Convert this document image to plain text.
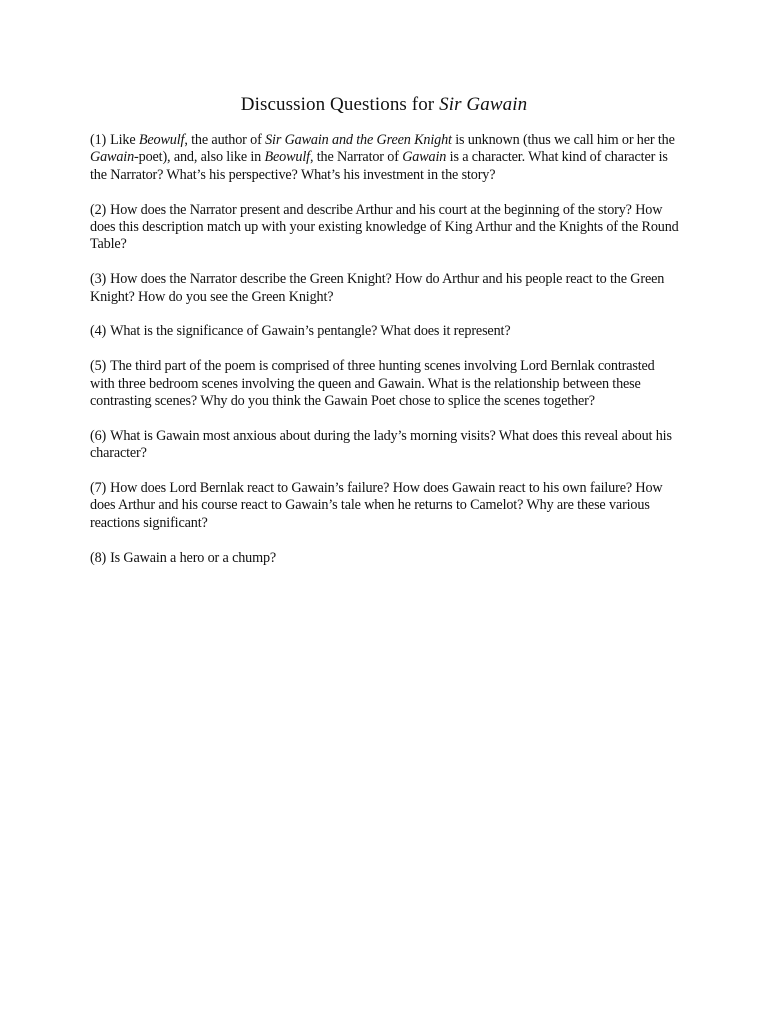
Discussion Questions for Sir Gawain

(1) Like Beowulf, the author of Sir Gawain and the Green Knight is unknown (thus we call him or her the Gawain-poet), and, also like in Beowulf, the Narrator of Gawain is a character. What kind of character is the Narrator? What’s his perspective? What’s his investment in the story?

(2) How does the Narrator present and describe Arthur and his court at the beginning of the story? How does this description match up with your existing knowledge of King Arthur and the Knights of the Round Table?

(3) How does the Narrator describe the Green Knight? How do Arthur and his people react to the Green Knight? How do you see the Green Knight?

(4) What is the significance of Gawain’s pentangle? What does it represent?

(5) The third part of the poem is comprised of three hunting scenes involving Lord Bernlak contrasted with three bedroom scenes involving the queen and Gawain. What is the relationship between these contrasting scenes? Why do you think the Gawain Poet chose to splice the scenes together?

(6) What is Gawain most anxious about during the lady’s morning visits? What does this reveal about his character?

(7) How does Lord Bernlak react to Gawain’s failure? How does Gawain react to his own failure? How does Arthur and his course react to Gawain’s tale when he returns to Camelot? Why are these various reactions significant?

(8) Is Gawain a hero or a chump?
